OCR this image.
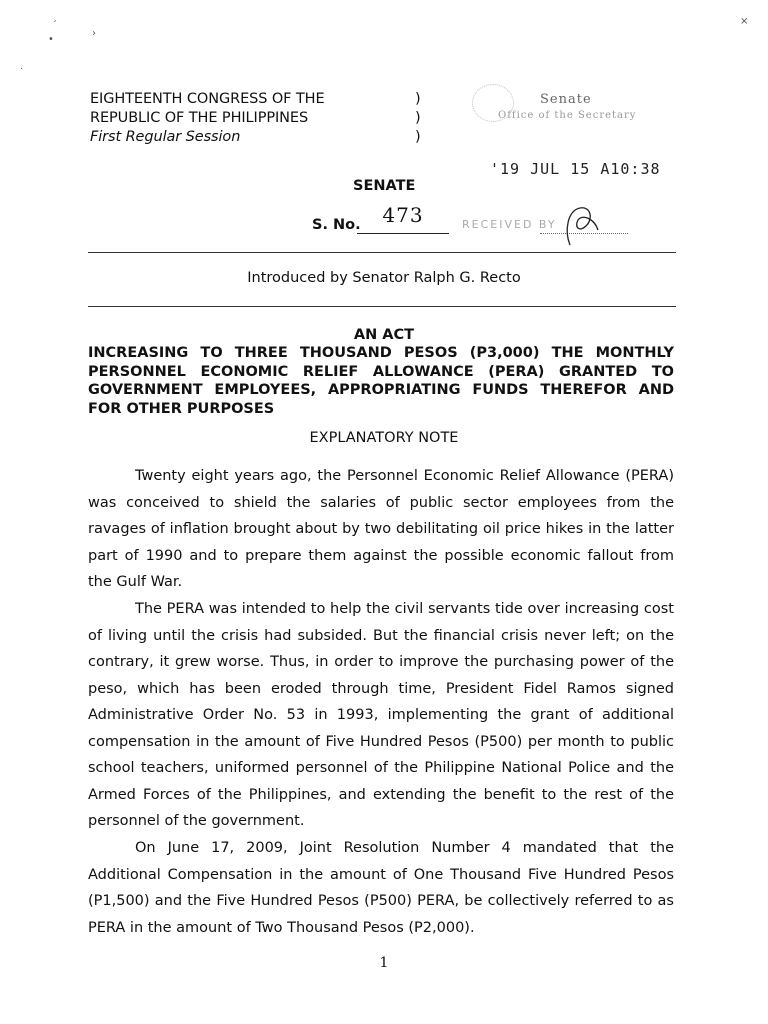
ˊ
•
›
·
⨯
EIGHTEENTH CONGRESS OF THE
REPUBLIC OF THE PHILIPPINES
First Regular Session
)
)
)
Senate
Office of the Secretary
'19 JUL 15 A10:38
SENATE
S. No.	473	RECEIVED BY
Introduced by Senator Ralph G. Recto
AN ACT
INCREASING TO THREE THOUSAND PESOS (P3,000) THE MONTHLY PERSONNEL ECONOMIC RELIEF ALLOWANCE (PERA) GRANTED TO GOVERNMENT EMPLOYEES, APPROPRIATING FUNDS THEREFOR AND FOR OTHER PURPOSES
EXPLANATORY NOTE
Twenty eight years ago, the Personnel Economic Relief Allowance (PERA) was conceived to shield the salaries of public sector employees from the ravages of inflation brought about by two debilitating oil price hikes in the latter part of 1990 and to prepare them against the possible economic fallout from the Gulf War.
The PERA was intended to help the civil servants tide over increasing cost of living until the crisis had subsided. But the financial crisis never left; on the contrary, it grew worse. Thus, in order to improve the purchasing power of the peso, which has been eroded through time, President Fidel Ramos signed Administrative Order No. 53 in 1993, implementing the grant of additional compensation in the amount of Five Hundred Pesos (P500) per month to public school teachers, uniformed personnel of the Philippine National Police and the Armed Forces of the Philippines, and extending the benefit to the rest of the personnel of the government.
On June 17, 2009, Joint Resolution Number 4 mandated that the Additional Compensation in the amount of One Thousand Five Hundred Pesos (P1,500) and the Five Hundred Pesos (P500) PERA, be collectively referred to as PERA in the amount of Two Thousand Pesos (P2,000).
1
